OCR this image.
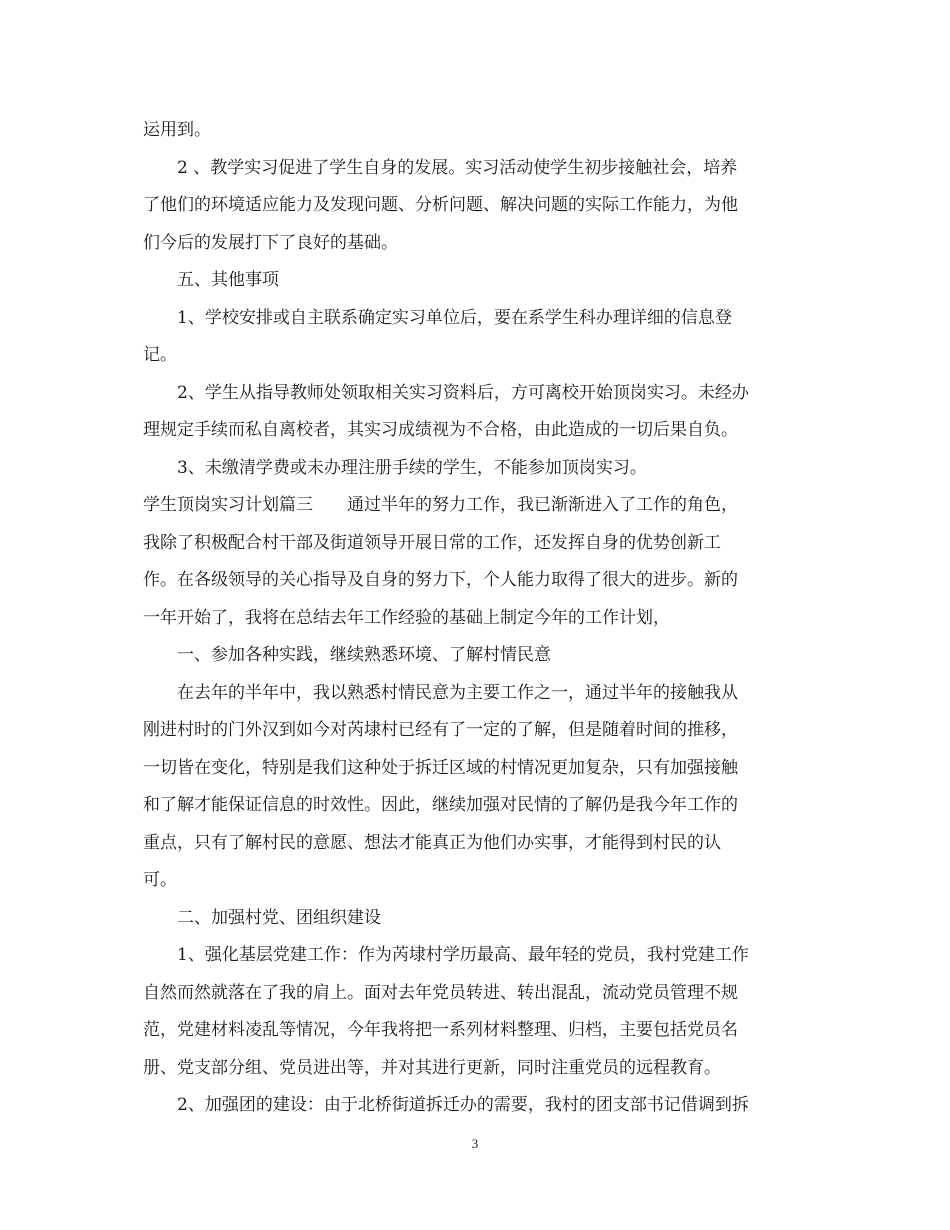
运用到。
2 、教学实习促进了学生自身的发展。实习活动使学生初步接触社会，培养
了他们的环境适应能力及发现问题、分析问题、解决问题的实际工作能力，为他
们今后的发展打下了良好的基础。
五、其他事项
1、学校安排或自主联系确定实习单位后，要在系学生科办理详细的信息登
记。
2、学生从指导教师处领取相关实习资料后，方可离校开始顶岗实习。未经办
理规定手续而私自离校者，其实习成绩视为不合格，由此造成的一切后果自负。
3、未缴清学费或未办理注册手续的学生，不能参加顶岗实习。
学生顶岗实习计划篇三　　通过半年的努力工作，我已渐渐进入了工作的角色，
我除了积极配合村干部及街道领导开展日常的工作，还发挥自身的优势创新工
作。在各级领导的关心指导及自身的努力下，个人能力取得了很大的进步。新的
一年开始了，我将在总结去年工作经验的基础上制定今年的工作计划，
一、参加各种实践，继续熟悉环境、了解村情民意
在去年的半年中，我以熟悉村情民意为主要工作之一，通过半年的接触我从
刚进村时的门外汉到如今对芮埭村已经有了一定的了解，但是随着时间的推移，
一切皆在变化，特别是我们这种处于拆迁区域的村情况更加复杂，只有加强接触
和了解才能保证信息的时效性。因此，继续加强对民情的了解仍是我今年工作的
重点，只有了解村民的意愿、想法才能真正为他们办实事，才能得到村民的认
可。
二、加强村党、团组织建设
1、强化基层党建工作：作为芮埭村学历最高、最年轻的党员，我村党建工作
自然而然就落在了我的肩上。面对去年党员转进、转出混乱，流动党员管理不规
范，党建材料凌乱等情况，今年我将把一系列材料整理、归档，主要包括党员名
册、党支部分组、党员进出等，并对其进行更新，同时注重党员的远程教育。
2、加强团的建设：由于北桥街道拆迁办的需要，我村的团支部书记借调到拆
3
